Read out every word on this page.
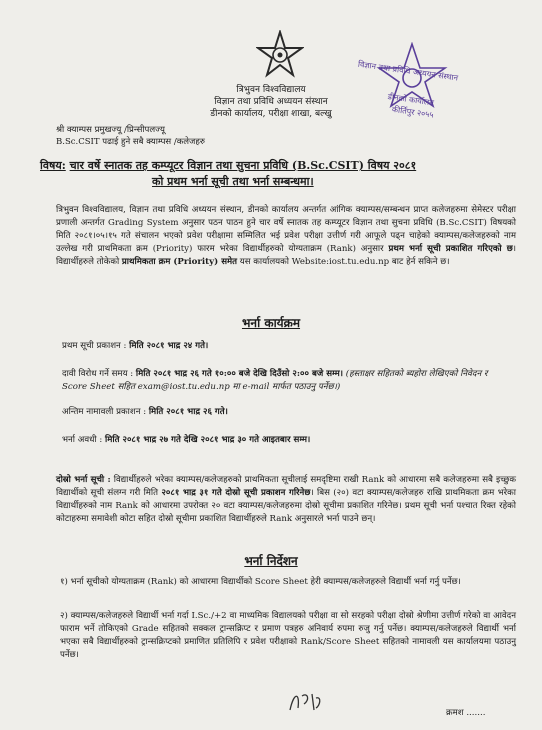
त्रिभुवन विश्वविद्यालय
विज्ञान तथा प्रविधि अध्ययन संस्थान
डीनको कार्यालय, परीक्षा शाखा, बल्खु
विज्ञान तथा प्रविधि अध्ययन संस्थान
डीनको कार्यालय
कीर्तिपुर २०५५
श्री क्याम्पस प्रमुखज्यू /प्रिन्सीपलज्यू
B.Sc.CSIT पढाई हुने सबै क्याम्पस /कलेजहरु
विषय: चार वर्षे स्नातक तह कम्प्यूटर विज्ञान तथा सुचना प्रविधि (B.Sc.CSIT) विषय २०८१
को प्रथम भर्ना सूची तथा भर्ना सम्बन्धमा।
त्रिभुवन विश्वविद्यालय, विज्ञान तथा प्रविधि अध्ययन संस्थान, डीनको कार्यालय अन्तर्गत आंगिक क्याम्पस/सम्बन्धन प्राप्त कलेजहरुमा सेमेस्टर परीक्षा प्रणाली अन्तर्गत Grading System अनुसार पठन पाठन हुने चार वर्षे स्नातक तह कम्प्यूटर विज्ञान तथा सुचना प्रविधि (B.Sc.CSIT) विषयको मिति २०८१।०५।१५ गते संचालन भएको प्रवेश परीक्षामा सम्मिलित भई प्रवेश परीक्षा उत्तीर्ण गरी आफूले पढ्न चाहेको क्याम्पस/कलेजहरुको नाम उल्लेख गरी प्राथमिकता क्रम (Priority) फारम भरेका विद्यार्थीहरुको योग्यताक्रम (Rank) अनुसार प्रथम भर्ना सूची प्रकाशित गरिएको छ। विद्यार्थीहरुले तोकेको प्राथमिकता क्रम (Priority) समेत यस कार्यालयको Website:iost.tu.edu.np बाट हेर्न सकिने छ।
भर्ना कार्यक्रम
प्रथम सूची प्रकाशन : मिति २०८१ भाद्र २४ गते।
दावी विरोध गर्ने समय : मिति २०८१ भाद्र २६ गते १०:०० बजे देखि दिउँसो २:०० बजे सम्म। (हस्ताक्षर सहितको ब्यहोरा लेखिएको निवेदन र Score Sheet सहित exam@iost.tu.edu.np मा e-mail मार्फत पठाउनु पर्नेछ।)
अन्तिम नामावली प्रकाशन : मिति २०८१ भाद्र २६ गते।
भर्ना अवधी : मिति २०८१ भाद्र २७ गते देखि २०८१ भाद्र ३० गते आइतबार सम्म।
दोस्रो भर्ना सूची : विद्यार्थीहरुले भरेका क्याम्पस/कलेजहरुको प्राथमिकता सूचीलाई समदृष्टिमा राखी Rank को आधारमा सबै कलेजहरुमा सबै इच्छुक विद्यार्थीको सूची संलग्न गरी मिति २०८१ भाद्र ३१ गते दोस्रो सूची प्रकाशन गरिनेछ। बिस (२०) वटा क्याम्पस/कलेजहरु राखि प्राथमिकता क्रम भरेका विद्यार्थीहरुको नाम Rank को आधारमा उपरोक्त २० वटा क्याम्पस/कलेजहरुमा दोस्रो सूचीमा प्रकाशित गरिनेछ। प्रथम सूची भर्ना पश्चात रिक्त रहेको कोटाहरुमा समावेशी कोटा सहित दोस्रो सूचीमा प्रकाशित विद्यार्थीहरुले Rank अनुसारले भर्ना पाउने छन्।
भर्ना निर्देशन
१) भर्ना सूचीको योग्यताक्रम (Rank) को आधारमा विद्यार्थीको Score Sheet हेरी क्याम्पस/कलेजहरुले विद्यार्थी भर्ना गर्नु पर्नेछ।
२) क्याम्पस/कलेजहरुले विद्यार्थी भर्ना गर्दा I.Sc./+2 वा माध्यमिक विद्यालयको परीक्षा वा सो सरहको परीक्षा दोस्रो श्रेणीमा उत्तीर्ण गरेको वा आवेदन फाराम भर्ने तोकिएको Grade सहितको सक्कल ट्रान्सक्रिप्ट र प्रमाण पत्रहरु अनिवार्य रुपमा रुजु गर्नु पर्नेछ। क्याम्पस/कलेजहरुले विद्यार्थी भर्ना भएका सबै विद्यार्थीहरुको ट्रान्सक्रिप्टको प्रमाणित प्रतिलिपि र प्रवेश परीक्षाको Rank/Score Sheet सहितको नामावली यस कार्यालयमा पठाउनु पर्नेछ।
क्रमश .......
